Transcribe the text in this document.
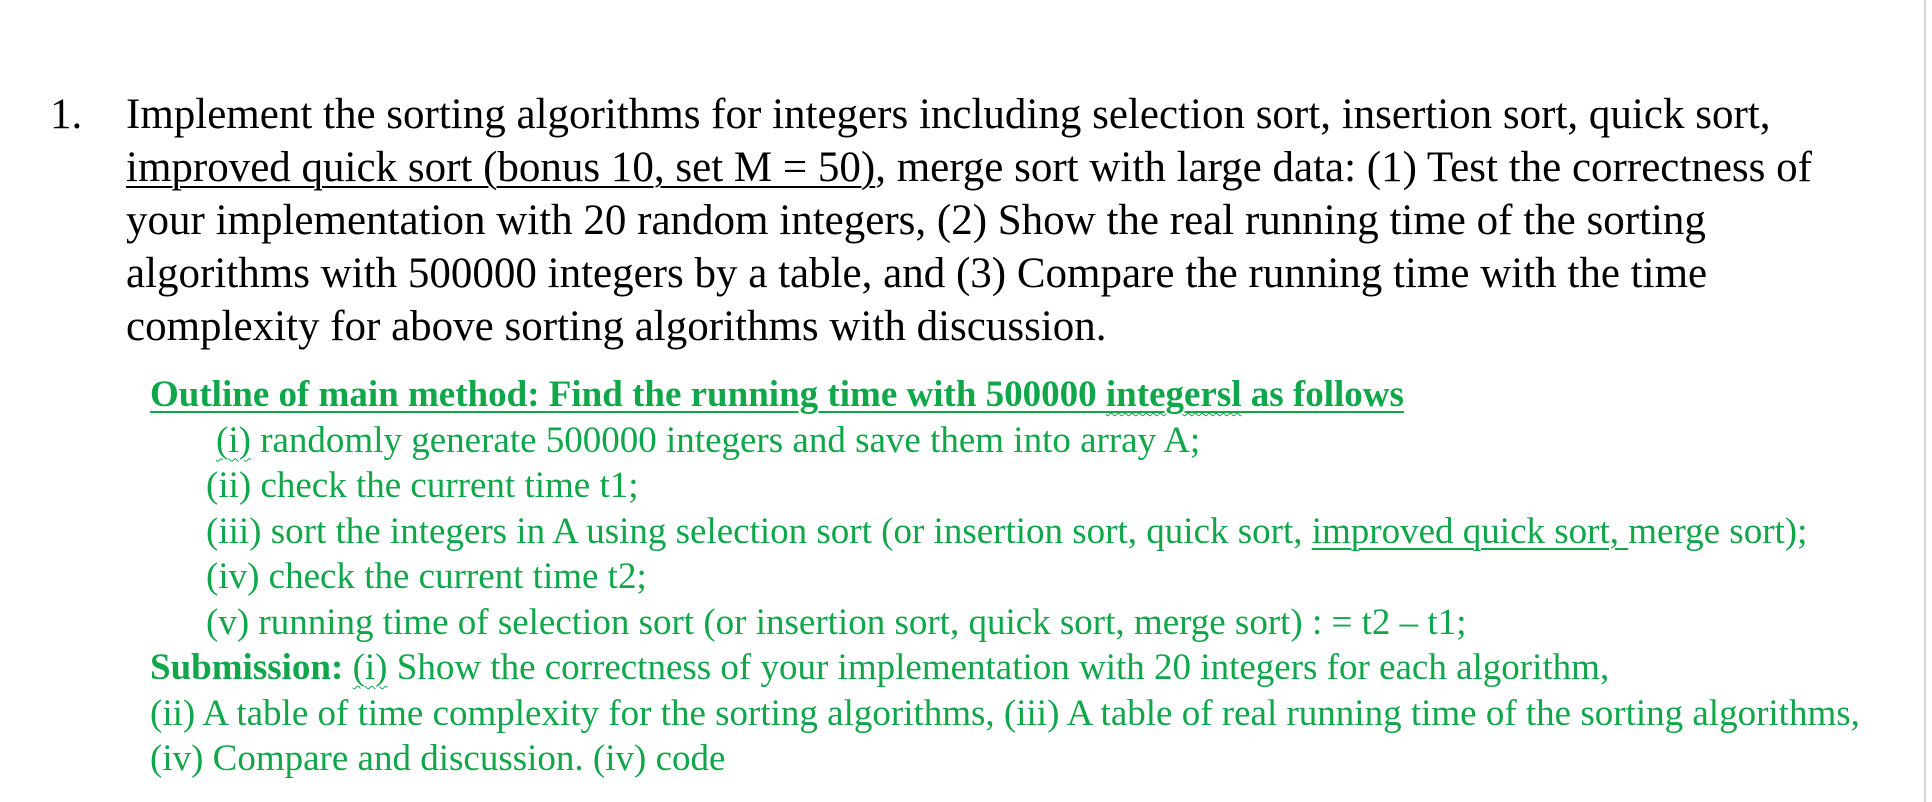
1. Implement the sorting algorithms for integers including selection sort, insertion sort, quick sort,
improved quick sort (bonus 10, set M = 50), merge sort with large data: (1) Test the correctness of
your implementation with 20 random integers, (2) Show the real running time of the sorting
algorithms with 500000 integers by a table, and (3) Compare the running time with the time
complexity for above sorting algorithms with discussion.
Outline of main method: Find the running time with 500000 integersl as follows
(i) randomly generate 500000 integers and save them into array A;
(ii) check the current time t1;
(iii) sort the integers in A using selection sort (or insertion sort, quick sort, improved quick sort, merge sort);
(iv) check the current time t2;
(v) running time of selection sort (or insertion sort, quick sort, merge sort) : = t2 – t1;
Submission: (i) Show the correctness of your implementation with 20 integers for each algorithm,
(ii) A table of time complexity for the sorting algorithms, (iii) A table of real running time of the sorting algorithms,
(iv) Compare and discussion. (iv) code
